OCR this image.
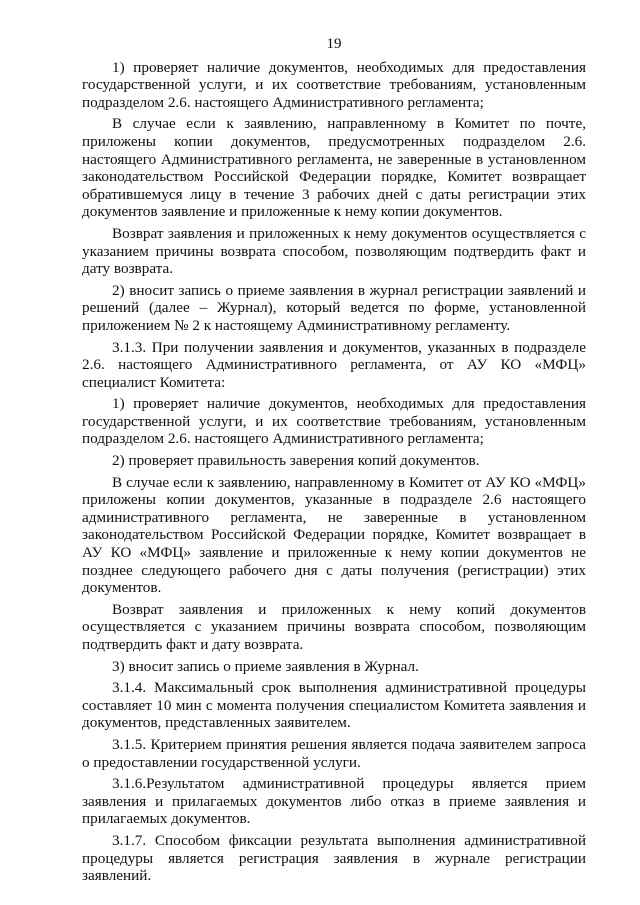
19

1) проверяет наличие документов, необходимых для предоставления государственной услуги, и их соответствие требованиям, установленным подразделом 2.6. настоящего Административного регламента;

В случае если к заявлению, направленному в Комитет по почте, приложены копии документов, предусмотренных подразделом 2.6. настоящего Административного регламента, не заверенные в установленном законодательством Российской Федерации порядке, Комитет возвращает обратившемуся лицу в течение 3 рабочих дней с даты регистрации этих документов заявление и приложенные к нему копии документов.

Возврат заявления и приложенных к нему документов осуществляется с указанием причины возврата способом, позволяющим подтвердить факт и дату возврата.

2) вносит запись о приеме заявления в журнал регистрации заявлений и решений (далее – Журнал), который ведется по форме, установленной приложением № 2 к настоящему Административному регламенту.

3.1.3. При получении заявления и документов, указанных в подразделе 2.6. настоящего Административного регламента, от АУ КО «МФЦ» специалист Комитета:

1) проверяет наличие документов, необходимых для предоставления государственной услуги, и их соответствие требованиям, установленным подразделом 2.6. настоящего Административного регламента;

2) проверяет правильность заверения копий документов.

В случае если к заявлению, направленному в Комитет от АУ КО «МФЦ» приложены копии документов, указанные в подразделе 2.6 настоящего административного регламента, не заверенные в установленном законодательством Российской Федерации порядке, Комитет возвращает в АУ КО «МФЦ» заявление и приложенные к нему копии документов не позднее следующего рабочего дня с даты получения (регистрации) этих документов.

Возврат заявления и приложенных к нему копий документов осуществляется с указанием причины возврата способом, позволяющим подтвердить факт и дату возврата.

3) вносит запись о приеме заявления в Журнал.

3.1.4. Максимальный срок выполнения административной процедуры составляет 10 мин с момента получения специалистом Комитета заявления и документов, представленных заявителем.

3.1.5. Критерием принятия решения является подача заявителем запроса о предоставлении государственной услуги.

3.1.6.Результатом административной процедуры является прием заявления и прилагаемых документов либо отказ в приеме заявления и прилагаемых документов.

3.1.7. Способом фиксации результата выполнения административной процедуры является регистрация заявления в журнале регистрации заявлений.
